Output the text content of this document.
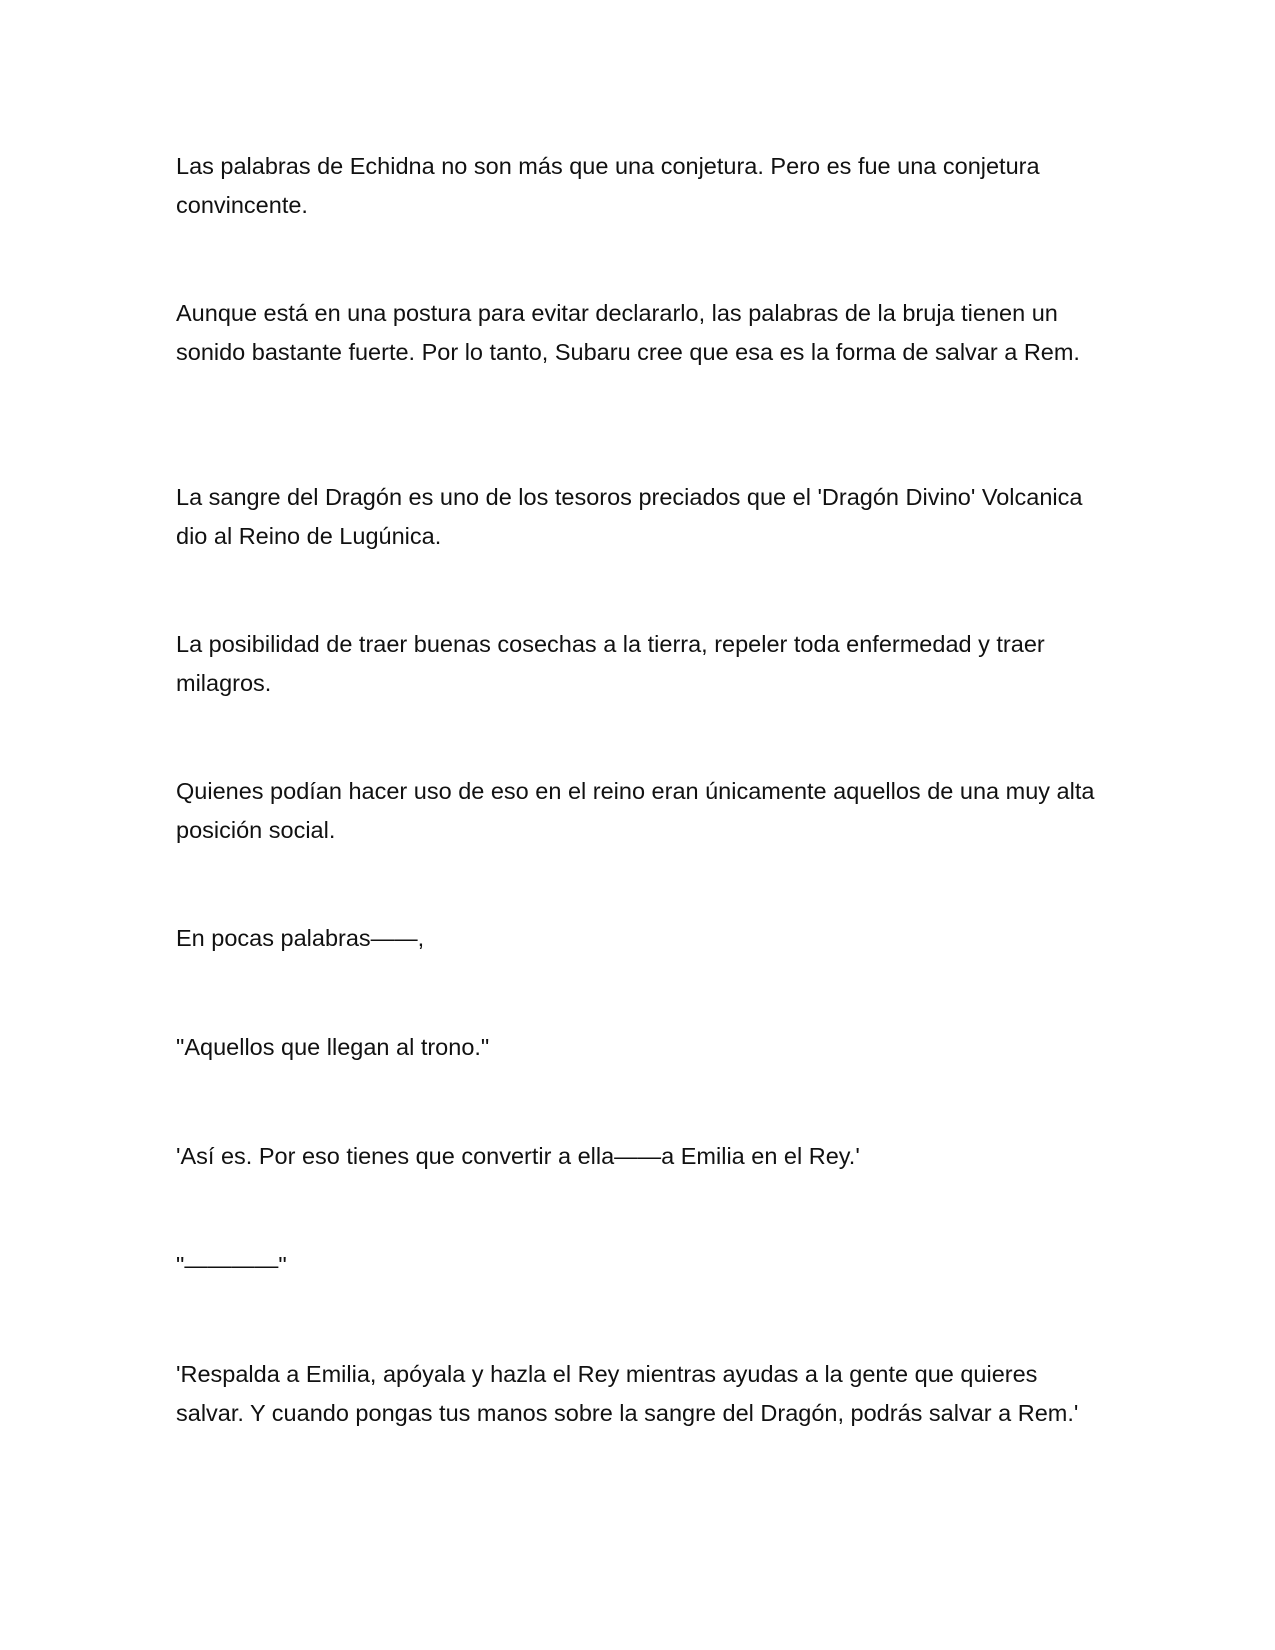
Las palabras de Echidna no son más que una conjetura. Pero es fue una conjetura convincente.

Aunque está en una postura para evitar declararlo, las palabras de la bruja tienen un sonido bastante fuerte. Por lo tanto, Subaru cree que esa es la forma de salvar a Rem.

La sangre del Dragón es uno de los tesoros preciados que el 'Dragón Divino' Volcanica dio al Reino de Lugúnica.

La posibilidad de traer buenas cosechas a la tierra, repeler toda enfermedad y traer milagros.

Quienes podían hacer uso de eso en el reino eran únicamente aquellos de una muy alta posición social.

En pocas palabras——,

"Aquellos que llegan al trono."

'Así es. Por eso tienes que convertir a ella——a Emilia en el Rey.'

"————"

'Respalda a Emilia, apóyala y hazla el Rey mientras ayudas a la gente que quieres salvar. Y cuando pongas tus manos sobre la sangre del Dragón, podrás salvar a Rem.'
